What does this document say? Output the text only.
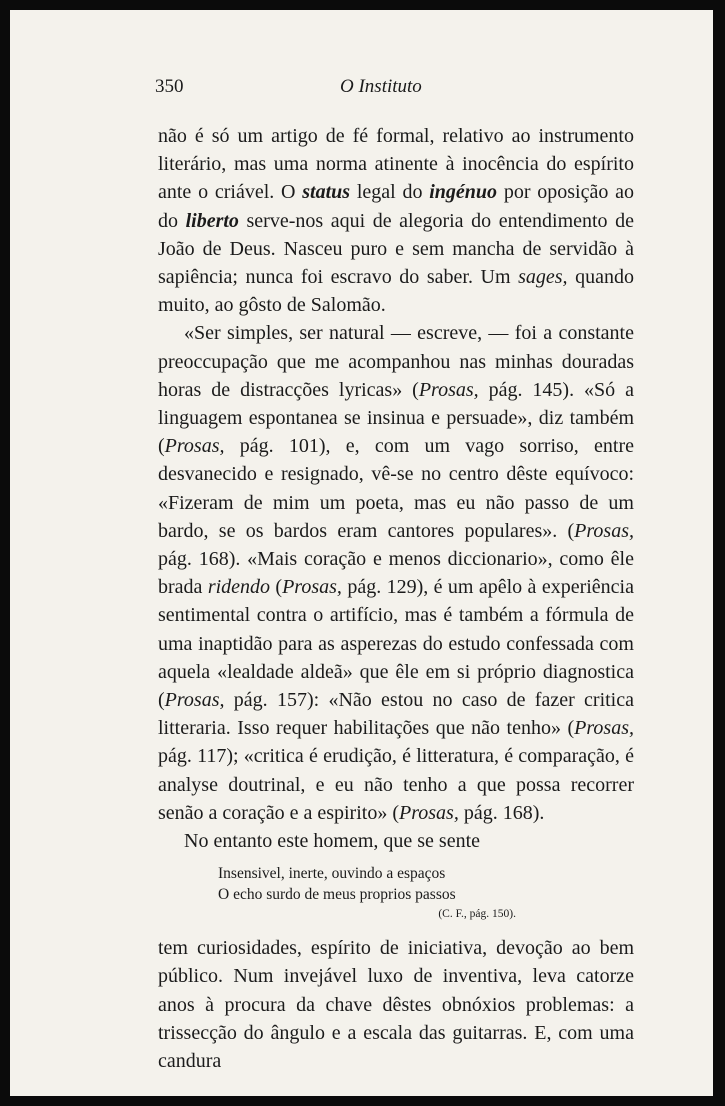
350	O Instituto

não é só um artigo de fé formal, relativo ao instrumento literário, mas uma norma atinente à inocência do espírito ante o criável. O status legal do ingénuo por oposição ao do liberto serve-nos aqui de alegoria do entendimento de João de Deus. Nasceu puro e sem mancha de servidão à sapiência; nunca foi escravo do saber. Um sages, quando muito, ao gôsto de Salomão.

«Ser simples, ser natural — escreve, — foi a constante preoccupação que me acompanhou nas minhas douradas horas de distracções lyricas» (Prosas, pág. 145). «Só a linguagem espontanea se insinua e persuade», diz também (Prosas, pág. 101), e, com um vago sorriso, entre desvanecido e resignado, vê-se no centro dêste equívoco: «Fizeram de mim um poeta, mas eu não passo de um bardo, se os bardos eram cantores populares». (Prosas, pág. 168). «Mais coração e menos diccionario», como êle brada ridendo (Prosas, pág. 129), é um apêlo à experiência sentimental contra o artifício, mas é também a fórmula de uma inaptidão para as asperezas do estudo confessada com aquela «lealdade aldeã» que êle em si próprio diagnostica (Prosas, pág. 157): «Não estou no caso de fazer critica litteraria. Isso requer habilitações que não tenho» (Prosas, pág. 117); «critica é erudição, é litteratura, é comparação, é analyse doutrinal, e eu não tenho a que possa recorrer senão a coração e a espirito» (Prosas, pág. 168).

No entanto este homem, que se sente

Insensivel, inerte, ouvindo a espaços
O echo surdo de meus proprios passos
(C. F., pág. 150).

tem curiosidades, espírito de iniciativa, devoção ao bem público. Num invejável luxo de inventiva, leva catorze anos à procura da chave dêstes obnóxios problemas: a trissecção do ângulo e a escala das guitarras. E, com uma candura
